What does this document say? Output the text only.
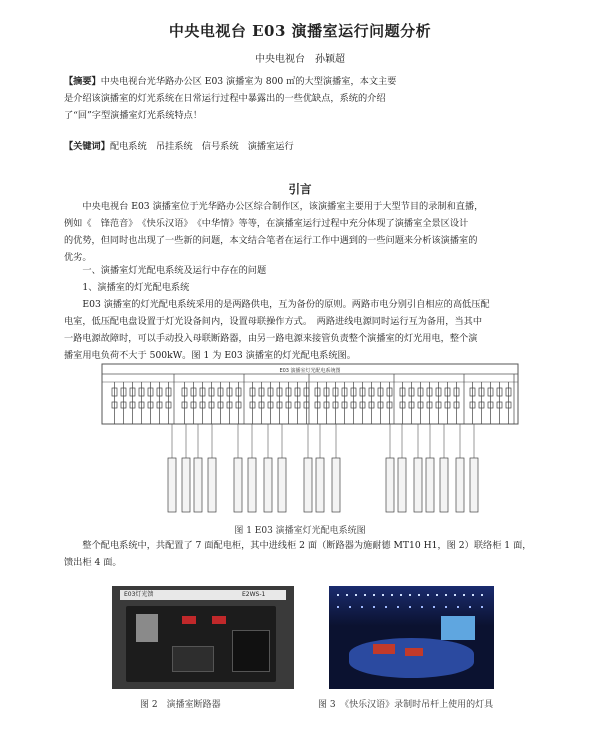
中央电视台 E03 演播室运行问题分析
中央电视台　孙颖超
【摘要】中央电视台光华路办公区 E03 演播室为 800 ㎡的大型演播室，本文主要
是介绍该演播室的灯光系统在日常运行过程中暴露出的一些优缺点，系统的介绍
了“回”字型演播室灯光系统特点！
【关键词】配电系统　吊挂系统　信号系统　演播室运行
引言
中央电视台 E03 演播室位于光华路办公区综合制作区，该演播室主要用于大型节目的录制和直播，
例如《　锋范音》　《快乐汉语》　《中华情》等等，在演播室运行过程中充分体现了演播室全景区设计
的优势，但同时也出现了一些新的问题，本文结合笔者在运行工作中遇到的一些问题来分析该演播室的
优劣。
一、演播室灯光配电系统及运行中存在的问题
1、演播室的灯光配电系统
E03 演播室的灯光配电系统采用的是两路供电，互为备份的原则。两路市电分别引自相应的高低压配
电室，低压配电盘设置于灯光设备间内，设置母联操作方式。　两路进线电源同时运行互为备用，当其中
一路电源故障时，可以手动投入母联断路器，由另一路电源来接管负责整个演播室的灯光用电，整个演
播室用电负荷不大于 500kW。图 1 为 E03 演播室的灯光配电系统图。
E03 演播室灯光配电系统图
图 1 E03 演播室灯光配电系统图
整个配电系统中，共配置了 7 面配电柜，其中进线柜 2 面（断路器为施耐德 MT10 H1，图 2）联络柜 1 面，
馈出柜 4 面。
E03灯光馈	E2WS-1
图 2　演播室断路器	图 3　《快乐汉语》录制时吊杆上使用的灯具
